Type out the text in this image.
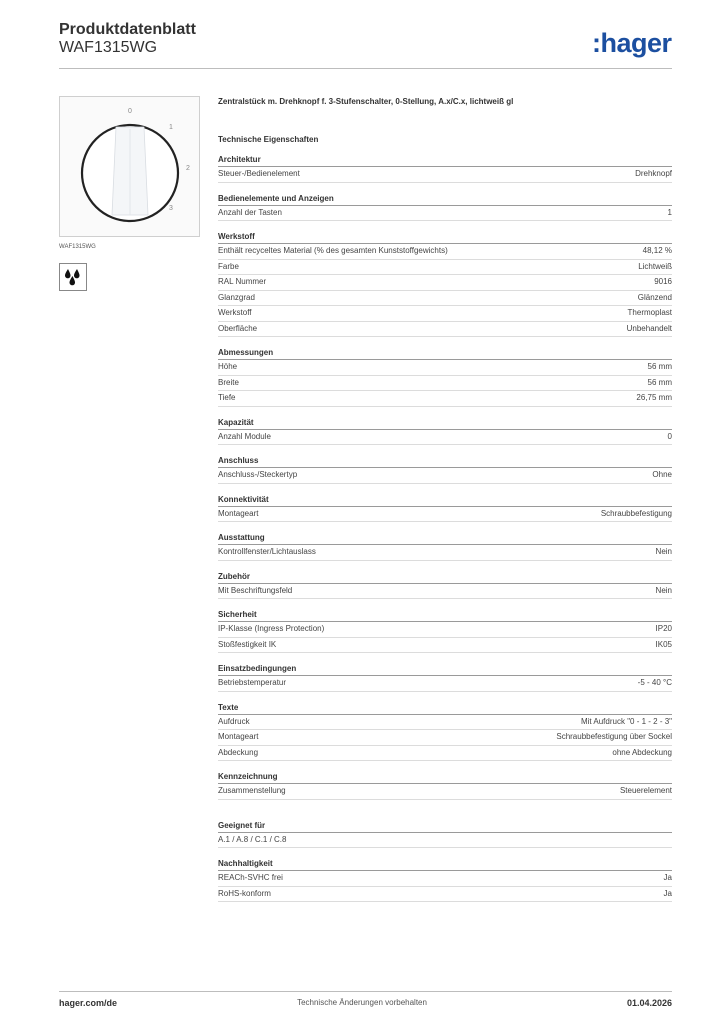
Produktdatenblatt
WAF1315WG	:hager
0
1
2
3
WAF1315WG
Zentralstück m. Drehknopf f. 3-Stufenschalter, 0-Stellung, A.x/C.x, lichtweiß gl
Technische Eigenschaften
Architektur
Steuer-/Bedienelement	Drehknopf
Bedienelemente und Anzeigen
Anzahl der Tasten	1
Werkstoff
Enthält recyceltes Material (% des gesamten Kunststoffgewichts)	48,12 %
Farbe	Lichtweiß
RAL Nummer	9016
Glanzgrad	Glänzend
Werkstoff	Thermoplast
Oberfläche	Unbehandelt
Abmessungen
Höhe	56 mm
Breite	56 mm
Tiefe	26,75 mm
Kapazität
Anzahl Module	0
Anschluss
Anschluss-/Steckertyp	Ohne
Konnektivität
Montageart	Schraubbefestigung
Ausstattung
Kontrollfenster/Lichtauslass	Nein
Zubehör
Mit Beschriftungsfeld	Nein
Sicherheit
IP-Klasse (Ingress Protection)	IP20
Stoßfestigkeit IK	IK05
Einsatzbedingungen
Betriebstemperatur	-5 - 40 °C
Texte
Aufdruck	Mit Aufdruck "0 - 1 - 2 - 3"
Montageart	Schraubbefestigung über Sockel
Abdeckung	ohne Abdeckung
Kennzeichnung
Zusammenstellung	Steuerelement
Geeignet für
A.1 / A.8 / C.1 / C.8
Nachhaltigkeit
REACh-SVHC frei	Ja
RoHS-konform	Ja
hager.com/de	Technische Änderungen vorbehalten	01.04.2026
